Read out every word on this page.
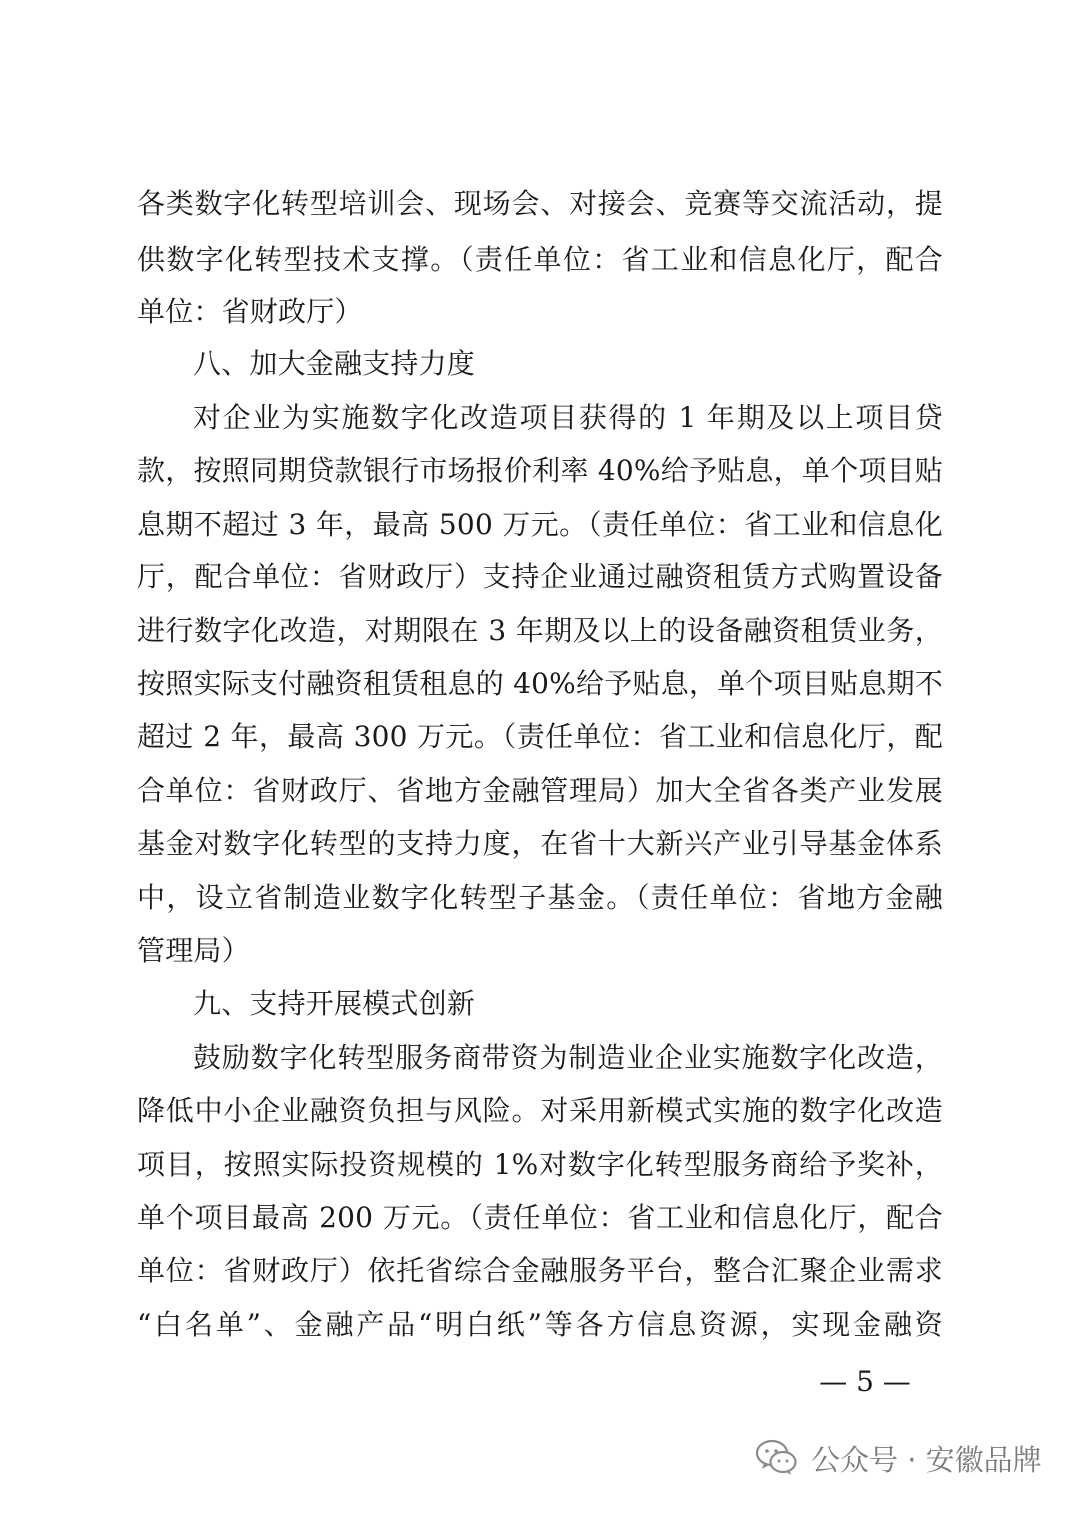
各类数字化转型培训会、现场会、对接会、竞赛等交流活动，提
供数字化转型技术支撑。（责任单位：省工业和信息化厅，配合
单位：省财政厅）
八、加大金融支持力度
对企业为实施数字化改造项目获得的 1 年期及以上项目贷
款，按照同期贷款银行市场报价利率 40%给予贴息，单个项目贴
息期不超过 3 年，最高 500 万元。（责任单位：省工业和信息化
厅，配合单位：省财政厅）支持企业通过融资租赁方式购置设备
进行数字化改造，对期限在 3 年期及以上的设备融资租赁业务，
按照实际支付融资租赁租息的 40%给予贴息，单个项目贴息期不
超过 2 年，最高 300 万元。（责任单位：省工业和信息化厅，配
合单位：省财政厅、省地方金融管理局）加大全省各类产业发展
基金对数字化转型的支持力度，在省十大新兴产业引导基金体系
中，设立省制造业数字化转型子基金。（责任单位：省地方金融
管理局）
九、支持开展模式创新
鼓励数字化转型服务商带资为制造业企业实施数字化改造，
降低中小企业融资负担与风险。对采用新模式实施的数字化改造
项目，按照实际投资规模的 1%对数字化转型服务商给予奖补，
单个项目最高 200 万元。（责任单位：省工业和信息化厅，配合
单位：省财政厅）依托省综合金融服务平台，整合汇聚企业需求
“白名单”、金融产品“明白纸”等各方信息资源，实现金融资
— 5 —
公众号 · 安徽品牌
